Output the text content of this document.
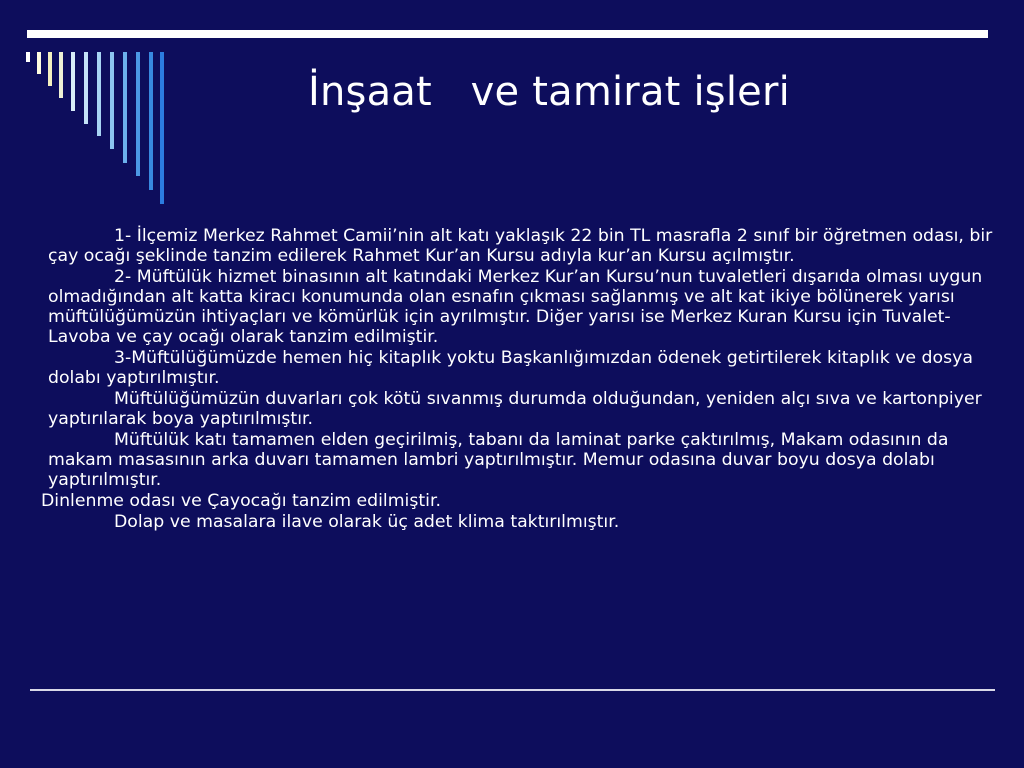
İnşaat   ve tamirat işleri

1- İlçemiz Merkez Rahmet Camii’nin alt katı yaklaşık 22 bin TL masrafla 2 sınıf bir öğretmen odası, bir çay ocağı şeklinde tanzim edilerek Rahmet Kur’an Kursu adıyla kur’an Kursu açılmıştır.

2- Müftülük hizmet binasının alt katındaki Merkez Kur’an Kursu’nun tuvaletleri dışarıda olması uygun olmadığından alt katta kiracı konumunda olan esnafın çıkması sağlanmış ve alt kat ikiye bölünerek yarısı müftülüğümüzün ihtiyaçları ve kömürlük için ayrılmıştır. Diğer yarısı ise Merkez Kuran Kursu için Tuvalet-Lavoba ve çay ocağı olarak tanzim edilmiştir.

3-Müftülüğümüzde hemen hiç kitaplık yoktu Başkanlığımızdan ödenek getirtilerek kitaplık ve dosya dolabı yaptırılmıştır.

Müftülüğümüzün duvarları çok kötü sıvanmış durumda olduğundan, yeniden alçı sıva ve kartonpiyer yaptırılarak boya yaptırılmıştır.

Müftülük katı tamamen elden geçirilmiş, tabanı da laminat parke çaktırılmış, Makam odasının da makam masasının arka duvarı tamamen lambri yaptırılmıştır. Memur odasına duvar boyu dosya dolabı yaptırılmıştır.

Dinlenme odası ve Çayocağı tanzim edilmiştir.

Dolap ve masalara ilave olarak üç adet klima taktırılmıştır.
